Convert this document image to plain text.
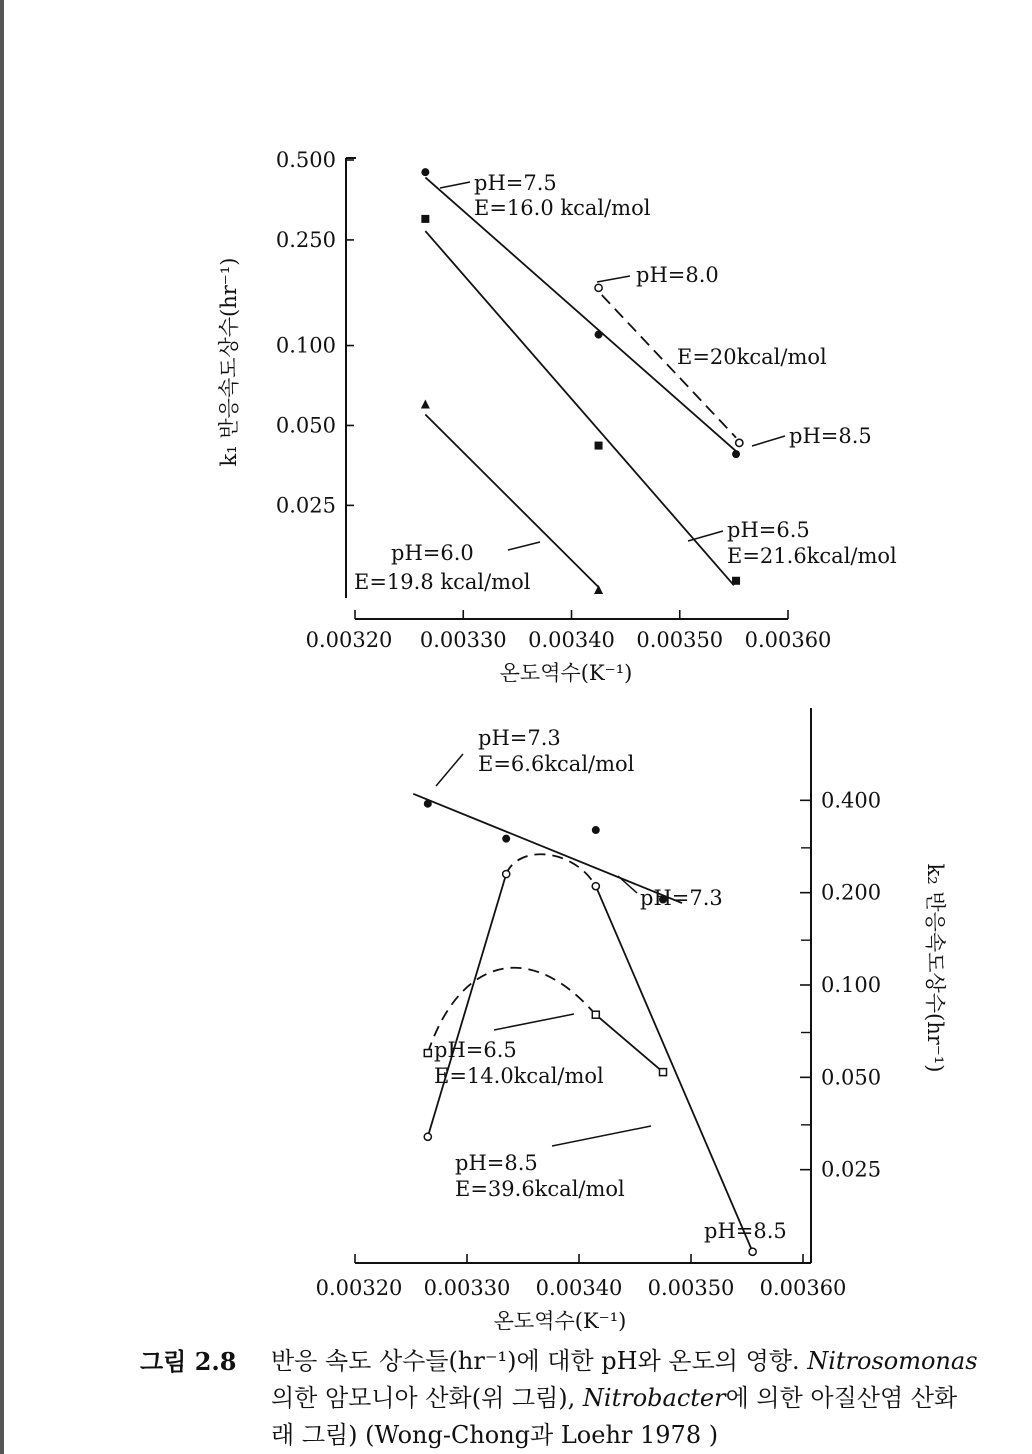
0.00320 0.00330 0.00340 0.00350 0.00360
0.500
0.250
0.100
0.050
0.025
pH=7.5
E=16.0 kcal/mol
pH=8.0
E=20kcal/mol
pH=8.5
pH=6.5
E=21.6kcal/mol
pH=6.0
E=19.8 kcal/mol
온도역수(K⁻¹)
k₁ 반응속도상수(hr⁻¹)
0.00320 0.00330 0.00340 0.00350 0.00360
0.400
0.200
0.100
0.050
0.025
pH=7.3
E=6.6kcal/mol
pH=7.3
pH=6.5
E=14.0kcal/mol
pH=8.5
E=39.6kcal/mol
pH=8.5
온도역수(K⁻¹)
k₂ 반응속도상수(hr⁻¹)
그림 2.8 반응 속도 상수들(hr⁻¹)에 대한 pH와 온도의 영향. Nitrosomonas
의한 암모니아 산화(위 그림), Nitrobacter에 의한 아질산염 산화
래 그림) (Wong-Chong과 Loehr 1978 )
